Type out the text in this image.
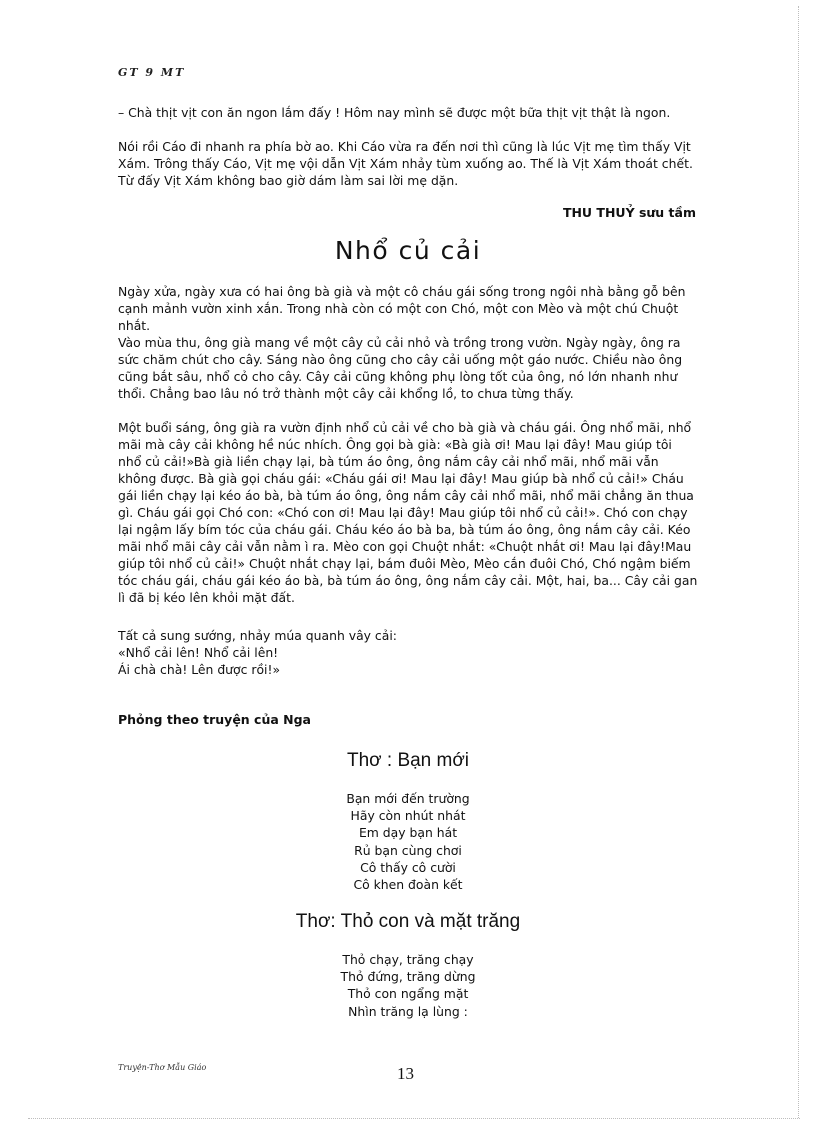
GT 9 MT

– Chà thịt vịt con ăn ngon lắm đấy ! Hôm nay mình sẽ được một bữa thịt vịt thật là ngon.

Nói rồi Cáo đi nhanh ra phía bờ ao. Khi Cáo vừa ra đến nơi thì cũng là lúc Vịt mẹ tìm thấy Vịt Xám. Trông thấy Cáo, Vịt mẹ vội dẫn Vịt Xám nhảy tùm xuống ao. Thế là Vịt Xám thoát chết. Từ đấy Vịt Xám không bao giờ dám làm sai lời mẹ dặn.

THU THUỶ sưu tầm
Nhổ củ cải

Ngày xửa, ngày xưa có hai ông bà già và một cô cháu gái sống trong ngôi nhà bằng gỗ bên cạnh mảnh vườn xinh xắn. Trong nhà còn có một con Chó, một con Mèo và một chú Chuột nhắt.

Vào mùa thu, ông già mang về một cây củ cải nhỏ và trồng trong vườn. Ngày ngày, ông ra sức chăm chút cho cây. Sáng nào ông cũng cho cây cải uống một gáo nước. Chiều nào ông cũng bắt sâu, nhổ cỏ cho cây. Cây cải cũng không phụ lòng tốt của ông, nó lớn nhanh như thổi. Chẳng bao lâu nó trở thành một cây cải khổng lồ, to chưa từng thấy.

Một buổi sáng, ông già ra vườn định nhổ củ cải về cho bà già và cháu gái. Ông nhổ mãi, nhổ mãi mà cây cải không hề núc nhích. Ông gọi bà già: «Bà già ơi! Mau lại đây! Mau giúp tôi nhổ củ cải!»Bà già liền chạy lại, bà túm áo ông, ông nắm cây cải nhổ mãi, nhổ mãi vẫn không được. Bà già gọi cháu gái: «Cháu gái ơi! Mau lại đây! Mau giúp bà nhổ củ cải!» Cháu gái liền chạy lại kéo áo bà, bà túm áo ông, ông nắm cây cải nhổ mãi, nhổ mãi chẳng ăn thua gì. Cháu gái gọi Chó con: «Chó con ơi! Mau lại đây! Mau giúp tôi nhổ củ cải!». Chó con chạy lại ngậm lấy bím tóc của cháu gái. Cháu kéo áo bà ba, bà túm áo ông, ông nắm cây cải. Kéo mãi nhổ mãi cây cải vẫn nằm ì ra. Mèo con gọi Chuột nhắt: «Chuột nhắt ơi! Mau lại đây!Mau giúp tôi nhổ củ cải!» Chuột nhắt chạy lại, bám đuôi Mèo, Mèo cắn đuôi Chó, Chó ngậm biếm tóc cháu gái, cháu gái kéo áo bà, bà túm áo ông, ông nắm cây cải. Một, hai, ba... Cây cải gan lì đã bị kéo lên khỏi mặt đất.

Tất cả sung sướng, nhảy múa quanh vây cải:

«Nhổ cải lên! Nhổ cải lên!

Ái chà chà! Lên được rồi!»

Phỏng theo truyện của Nga
Thơ : Bạn mới
Bạn mới đến trường
Hãy còn nhút nhát
Em dạy bạn hát
Rủ bạn cùng chơi
Cô thấy cô cười
Cô khen đoàn kết
Thơ: Thỏ con và mặt trăng
Thỏ chạy, trăng chạy
Thỏ đứng, trăng dừng
Thỏ con ngẩng mặt
Nhìn trăng lạ lùng :
Truyện-Thơ Mẫu Giáo	13
